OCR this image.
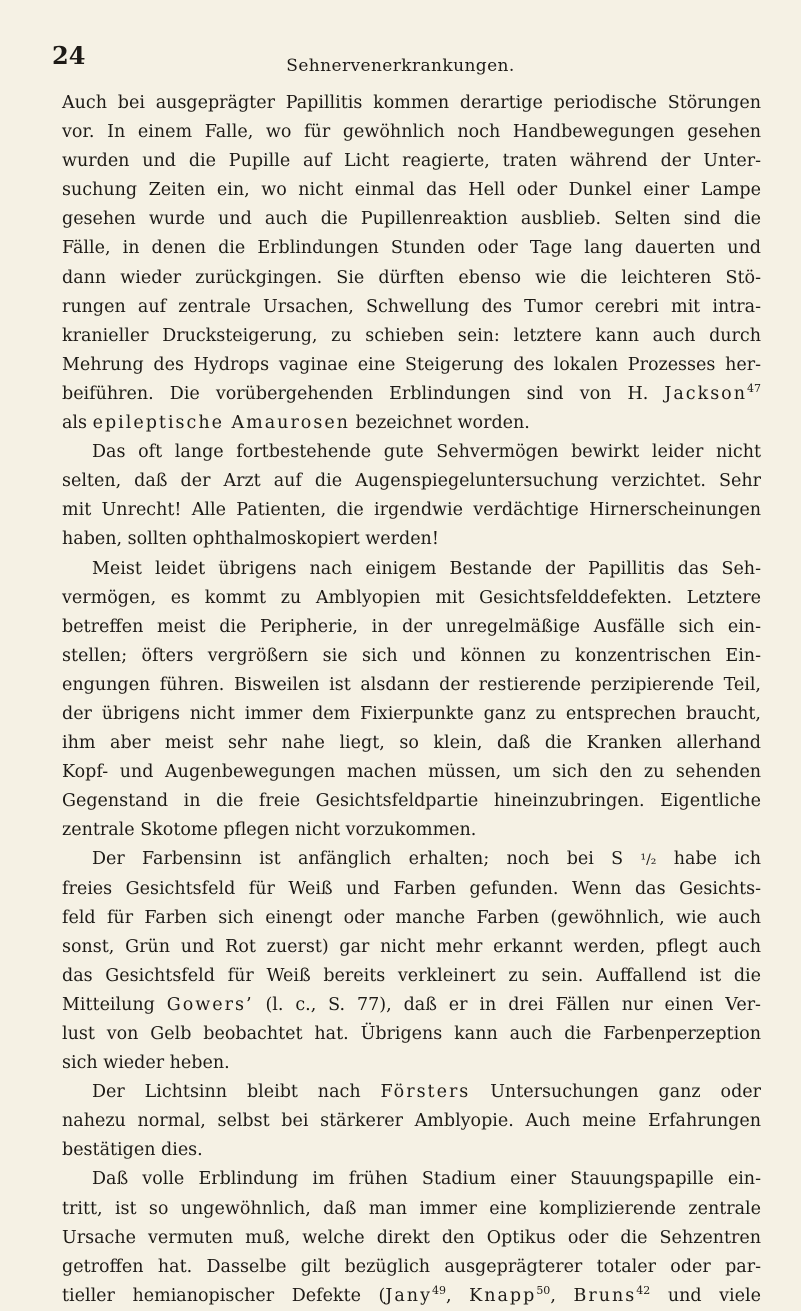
24	Sehnervenerkrankungen.
Auch bei ausgeprägter Papillitis kommen derartige periodische Störungen
vor. In einem Falle, wo für gewöhnlich noch Handbewegungen gesehen
wurden und die Pupille auf Licht reagierte, traten während der Unter-
suchung Zeiten ein, wo nicht einmal das Hell oder Dunkel einer Lampe
gesehen wurde und auch die Pupillenreaktion ausblieb. Selten sind die
Fälle, in denen die Erblindungen Stunden oder Tage lang dauerten und
dann wieder zurückgingen. Sie dürften ebenso wie die leichteren Stö-
rungen auf zentrale Ursachen, Schwellung des Tumor cerebri mit intra-
kranieller Drucksteigerung, zu schieben sein: letztere kann auch durch
Mehrung des Hydrops vaginae eine Steigerung des lokalen Prozesses her-
beiführen. Die vorübergehenden Erblindungen sind von H. Jackson$^{47}$
als epileptische Amaurosen bezeichnet worden.
Das oft lange fortbestehende gute Sehvermögen bewirkt leider nicht
selten, daß der Arzt auf die Augenspiegeluntersuchung verzichtet. Sehr
mit Unrecht! Alle Patienten, die irgendwie verdächtige Hirnerscheinungen
haben, sollten ophthalmoskopiert werden!
Meist leidet übrigens nach einigem Bestande der Papillitis das Seh-
vermögen, es kommt zu Amblyopien mit Gesichtsfelddefekten. Letztere
betreffen meist die Peripherie, in der unregelmäßige Ausfälle sich ein-
stellen; öfters vergrößern sie sich und können zu konzentrischen Ein-
engungen führen. Bisweilen ist alsdann der restierende perzipierende Teil,
der übrigens nicht immer dem Fixierpunkte ganz zu entsprechen braucht,
ihm aber meist sehr nahe liegt, so klein, daß die Kranken allerhand
Kopf- und Augenbewegungen machen müssen, um sich den zu sehenden
Gegenstand in die freie Gesichtsfeldpartie hineinzubringen. Eigentliche
zentrale Skotome pflegen nicht vorzukommen.
Der Farbensinn ist anfänglich erhalten; noch bei S ¹/₂ habe ich
freies Gesichtsfeld für Weiß und Farben gefunden. Wenn das Gesichts-
feld für Farben sich einengt oder manche Farben (gewöhnlich, wie auch
sonst, Grün und Rot zuerst) gar nicht mehr erkannt werden, pflegt auch
das Gesichtsfeld für Weiß bereits verkleinert zu sein. Auffallend ist die
Mitteilung Gowers’ (l. c., S. 77), daß er in drei Fällen nur einen Ver-
lust von Gelb beobachtet hat. Übrigens kann auch die Farbenperzeption
sich wieder heben.
Der Lichtsinn bleibt nach Försters Untersuchungen ganz oder
nahezu normal, selbst bei stärkerer Amblyopie. Auch meine Erfahrungen
bestätigen dies.
Daß volle Erblindung im frühen Stadium einer Stauungspapille ein-
tritt, ist so ungewöhnlich, daß man immer eine komplizierende zentrale
Ursache vermuten muß, welche direkt den Optikus oder die Sehzentren
getroffen hat. Dasselbe gilt bezüglich ausgeprägterer totaler oder par-
tieller hemianopischer Defekte (Jany$^{49}$, Knapp$^{50}$, Bruns$^{42}$ und viele
